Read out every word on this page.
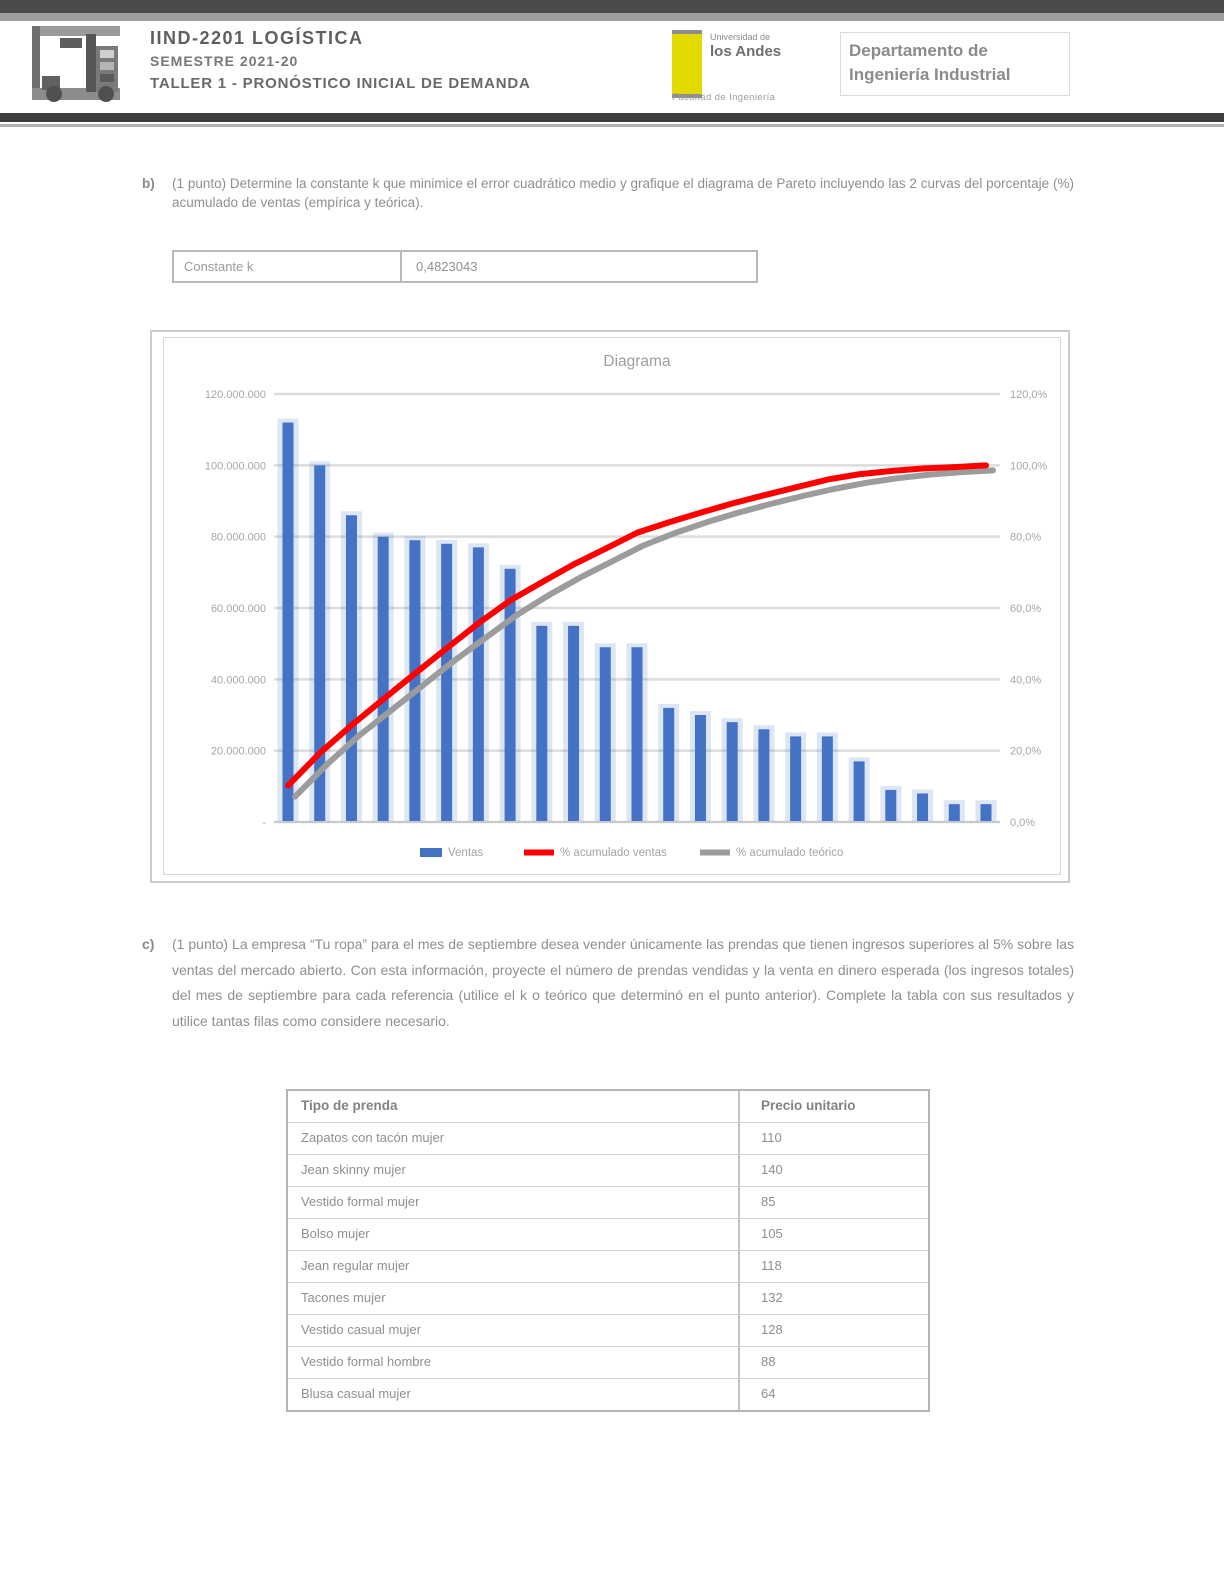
IIND-2201 LOGÍSTICA
SEMESTRE 2021-20
TALLER 1 - PRONÓSTICO INICIAL DE DEMANDA
Universidad de
los Andes
Facultad de Ingeniería
Departamento de
Ingeniería Industrial
b)	(1 punto) Determine la constante k que minimice el error cuadrático medio y grafique el diagrama de Pareto incluyendo las 2 curvas del porcentaje (%) acumulado de ventas (empírica y teórica).
Constante k	0,4823043
Diagrama
120.000.000	120,0%
100.000.000	100,0%
80.000.000	80,0%
60.000.000	60,0%
40.000.000	40,0%
20.000.000	20,0%
-	0,0%
Ventas	% acumulado ventas	% acumulado teórico
c)	(1 punto) La empresa “Tu ropa” para el mes de septiembre desea vender únicamente las prendas que tienen ingresos superiores al 5% sobre las ventas del mercado abierto. Con esta información, proyecte el número de prendas vendidas y la venta en dinero esperada (los ingresos totales) del mes de septiembre para cada referencia (utilice el k o teórico que determinó en el punto anterior). Complete la tabla con sus resultados y utilice tantas filas como considere necesario.
Tipo de prenda	Precio unitario
Zapatos con tacón mujer	110
Jean skinny mujer	140
Vestido formal mujer	85
Bolso mujer	105
Jean regular mujer	118
Tacones mujer	132
Vestido casual mujer	128
Vestido formal hombre	88
Blusa casual mujer	64
